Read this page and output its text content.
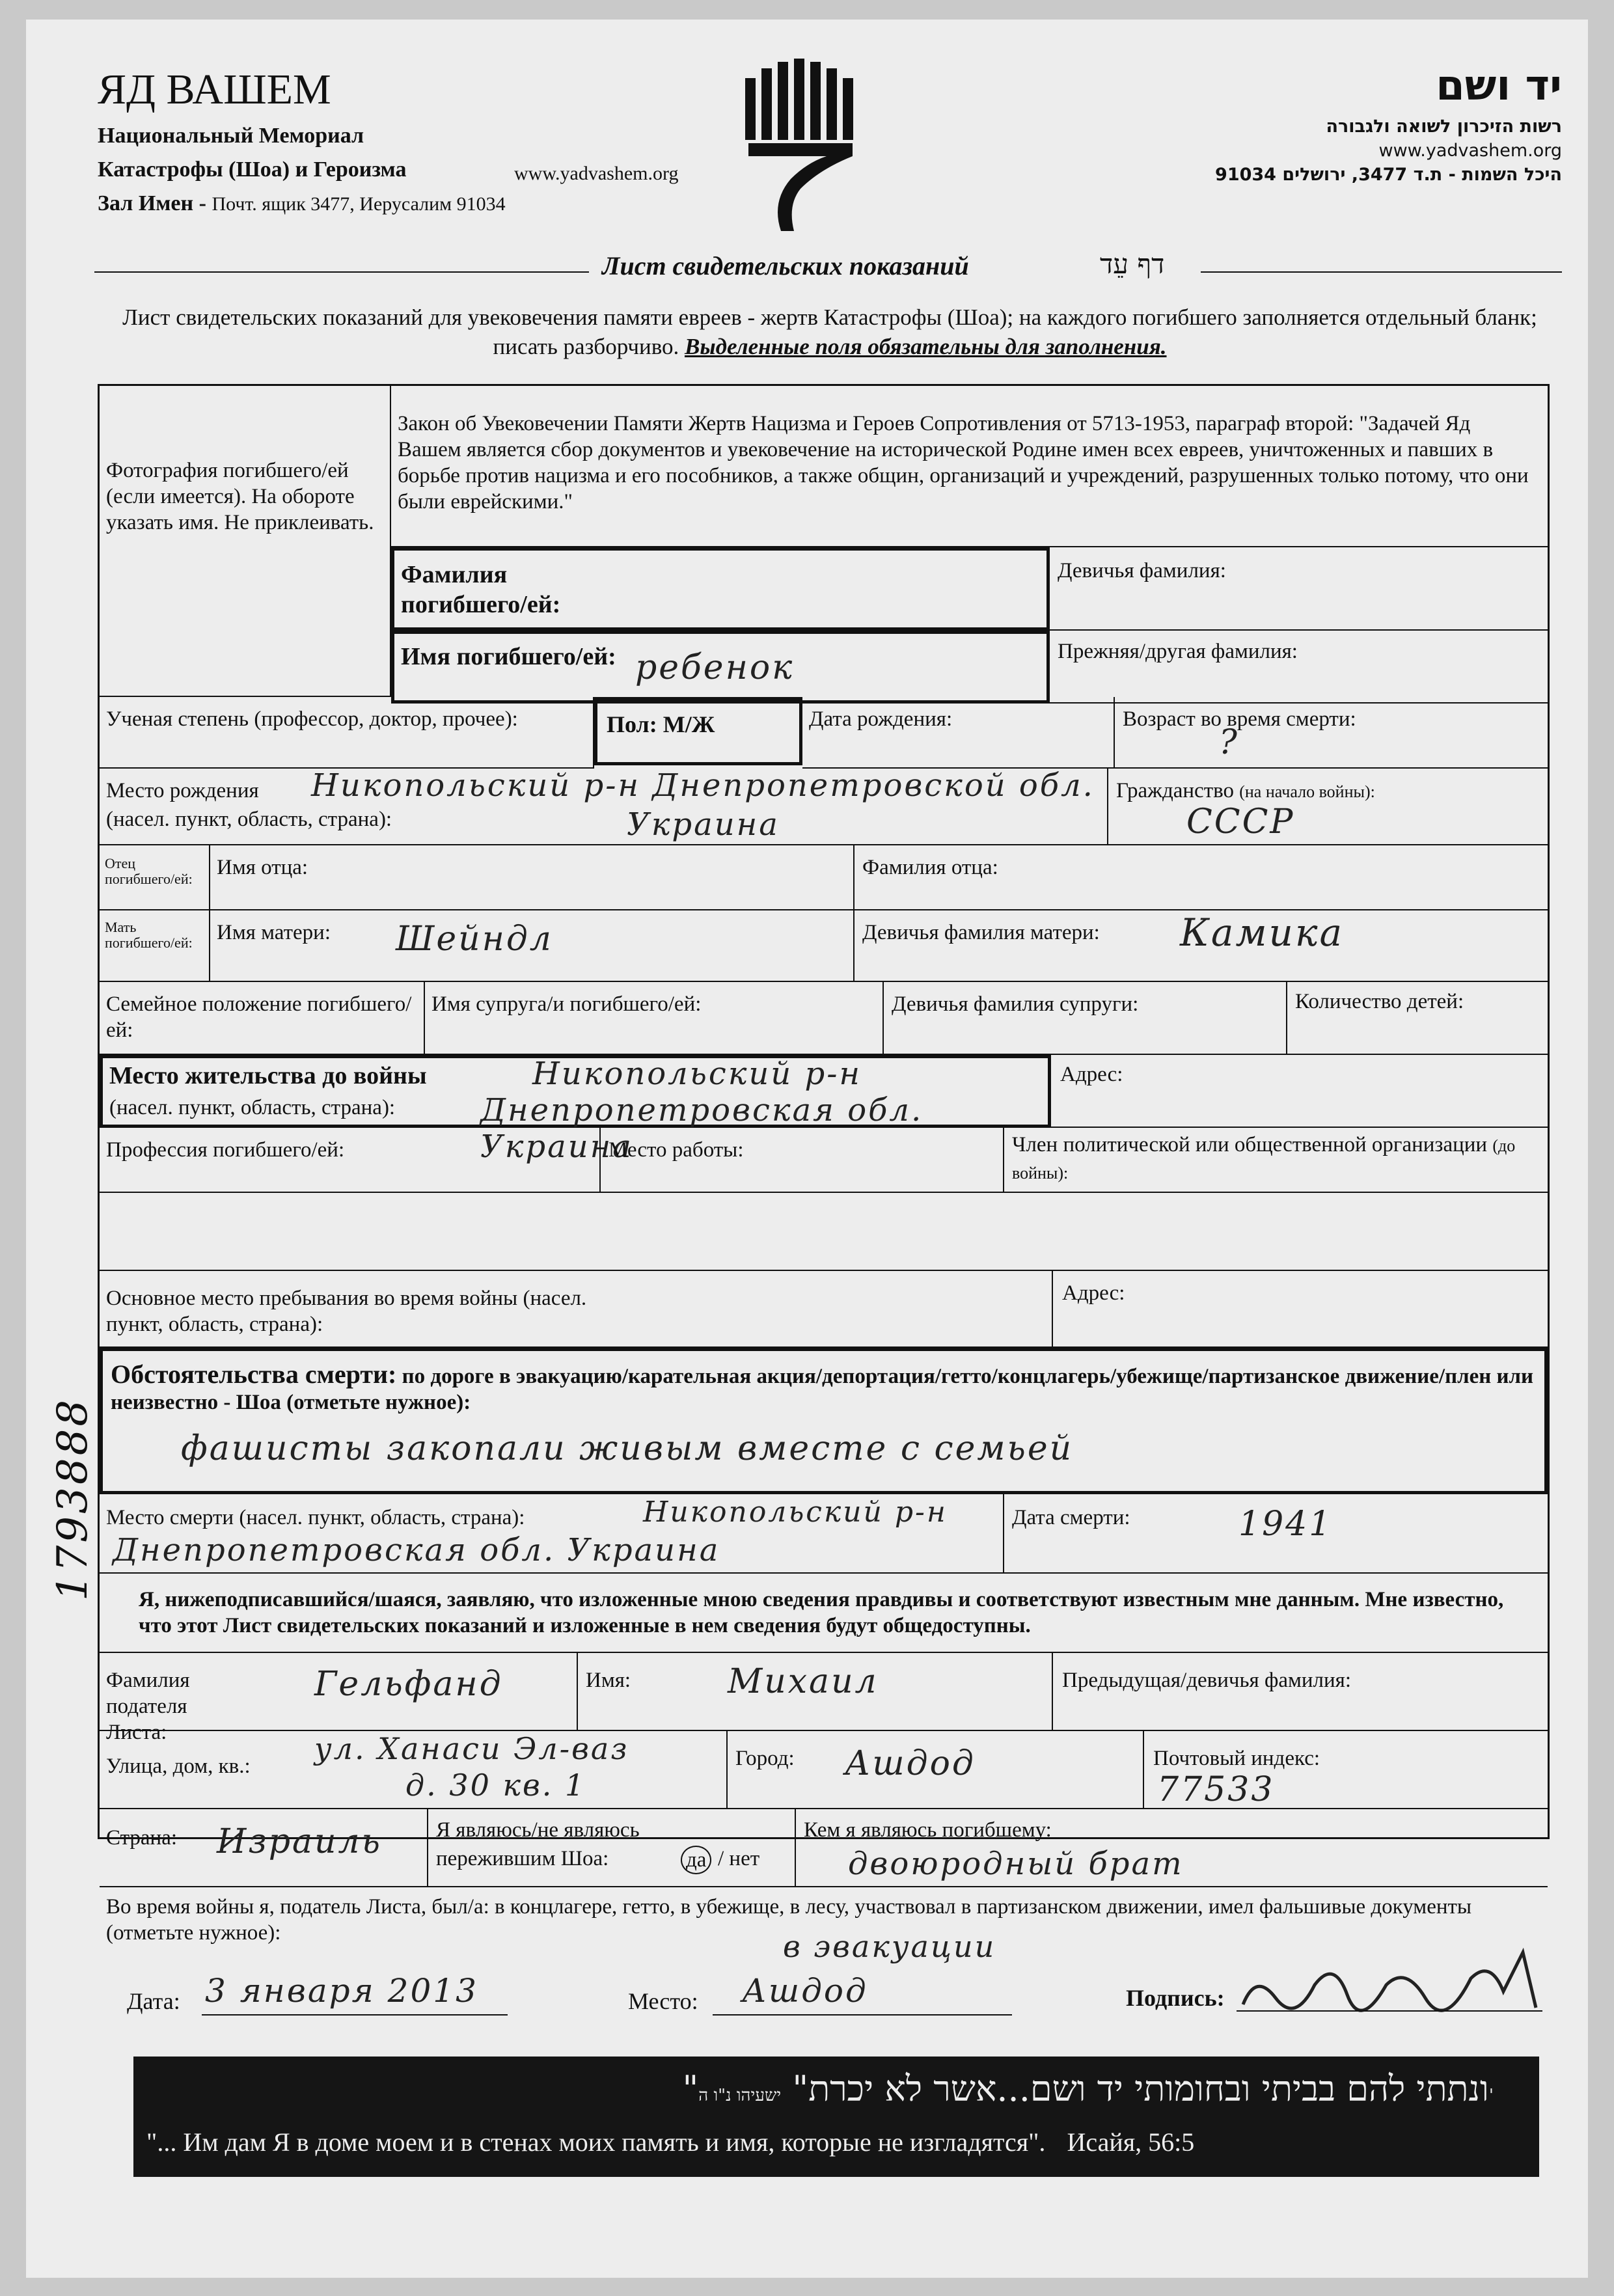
ЯД ВАШЕМ
Национальный Мемориал
Катастрофы (Шоа) и Героизма
Зал Имен - Почт. ящик 3477, Иерусалим 91034
www.yadvashem.org
יד ושם
רשות הזיכרון לשואה ולגבורה
www.yadvashem.org
היכל השמות - ת.ד 3477, ירושלים 91034
Лист свидетельских показаний	דף עֵד
Лист свидетельских показаний для увековечения памяти евреев - жертв Катастрофы (Шоа); на каждого погибшего заполняется отдельный бланк; писать разборчиво. Выделенные поля обязательны для заполнения.
Фотография погибшего/ей (если имеется). На обороте указать имя. Не приклеивать.
Закон об Увековечении Памяти Жертв Нацизма и Героев Сопротивления от 5713-1953, параграф второй: "Задачей Яд Вашем является сбор документов и увековечение на исторической Родине имен всех евреев, уничтоженных и павших в борьбе против нацизма и его пособников, а также общин, организаций и учреждений, разрушенных только потому, что они были еврейскими."
Фамилия погибшего/ей:
Девичья фамилия:
Имя погибшего/ей: ребенок	Прежняя/другая фамилия:
Ученая степень (профессор, доктор, прочее):	Пол: М/Ж	Дата рождения:	Возраст во время смерти:
?
Место рождения
(насел. пункт, область, страна):
Никопольский р-н Днепропетровской обл.
Украина
Гражданство (на начало войны):
СССР
Отец погибшего/ей:	Имя отца:	Фамилия отца:
Мать погибшего/ей:	Имя матери: Шейндл	Девичья фамилия матери: Камика
Семейное положение погибшего/ей:
Имя супруга/и погибшего/ей:	Девичья фамилия супруги:	Количество детей:
Место жительства до войны
(насел. пункт, область, страна):
Никопольский р-н
Днепропетровская обл. Украина
Адрес:
Профессия погибшего/ей:	Место работы:	Член политической или общественной организации (до войны):
Основное место пребывания во время войны (насел. пункт, область, страна):
Адрес:
Обстоятельства смерти: по дороге в эвакуацию/карательная акция/депортация/гетто/концлагерь/убежище/партизанское движение/плен или неизвестно - Шоа (отметьте нужное):
фашисты закопали живым вместе с семьей
Место смерти (насел. пункт, область, страна):	Никопольский р-н
Днепропетровская обл. Украина
Дата смерти:	1941
Я, нижеподписавшийся/шаяся, заявляю, что изложенные мною сведения правдивы и соответствуют известным мне данным. Мне известно, что этот Лист свидетельских показаний и изложенные в нем сведения будут общедоступны.
Фамилия подателя Листа:
Гельфанд	Имя:	Михаил	Предыдущая/девичья фамилия:
Улица, дом, кв.: ул. Ханаси Эл-ваз
д. 30 кв. 1
Город: Ашдод	Почтовый индекс:
77533
Страна: Израиль	Я являюсь/не являюсь
пережившим Шоа:	да / нет
Кем я являюсь погибшему:
двоюродный брат
Во время войны я, податель Листа, был/а: в концлагере, гетто, в убежище, в лесу, участвовал в партизанском движении, имел фальшивые документы (отметьте нужное):	в эвакуации
Дата: 3 января 2013	Место: Ашдод	Подпись:
"ונתתי להם בביתי ובחומותי יד ושם...אשר לא יכרת" ישעיהו נ"ו ה'
"... Им дам Я в доме моем и в стенах моих память и имя, которые не изгладятся". Исайя, 56:5
1793888
